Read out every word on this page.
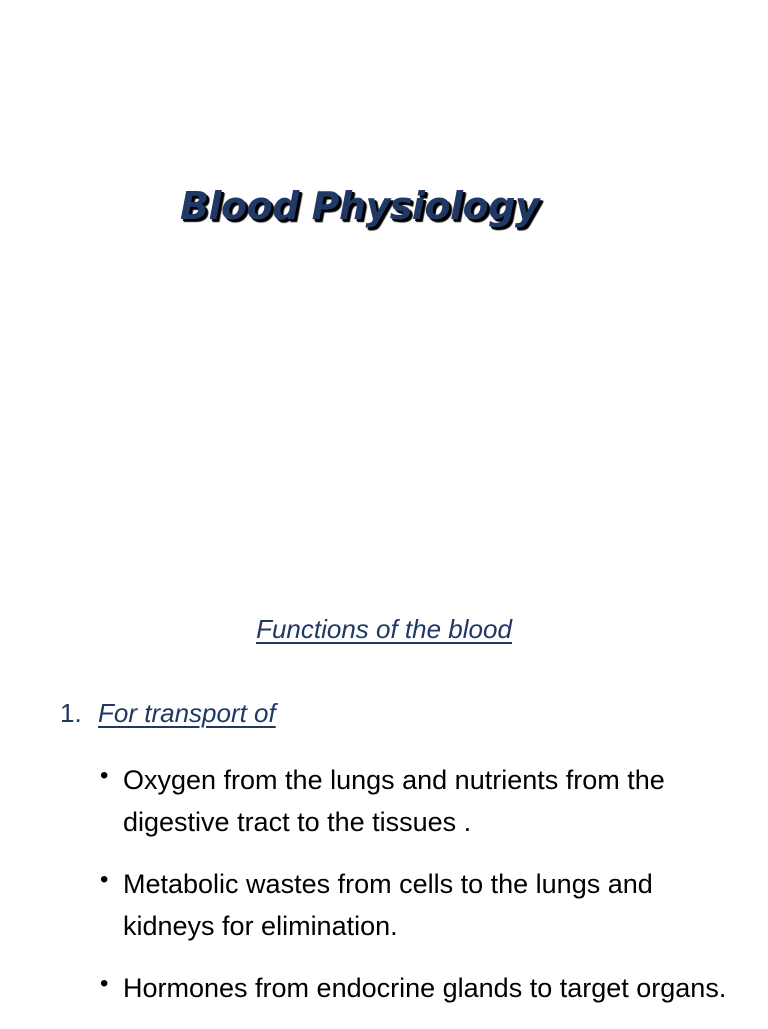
Blood Physiology
Functions of the blood
1. For transport of
• Oxygen from the lungs and nutrients from the digestive tract to the tissues .
• Metabolic wastes from cells to the lungs and kidneys for elimination.
• Hormones from endocrine glands to target organs.
